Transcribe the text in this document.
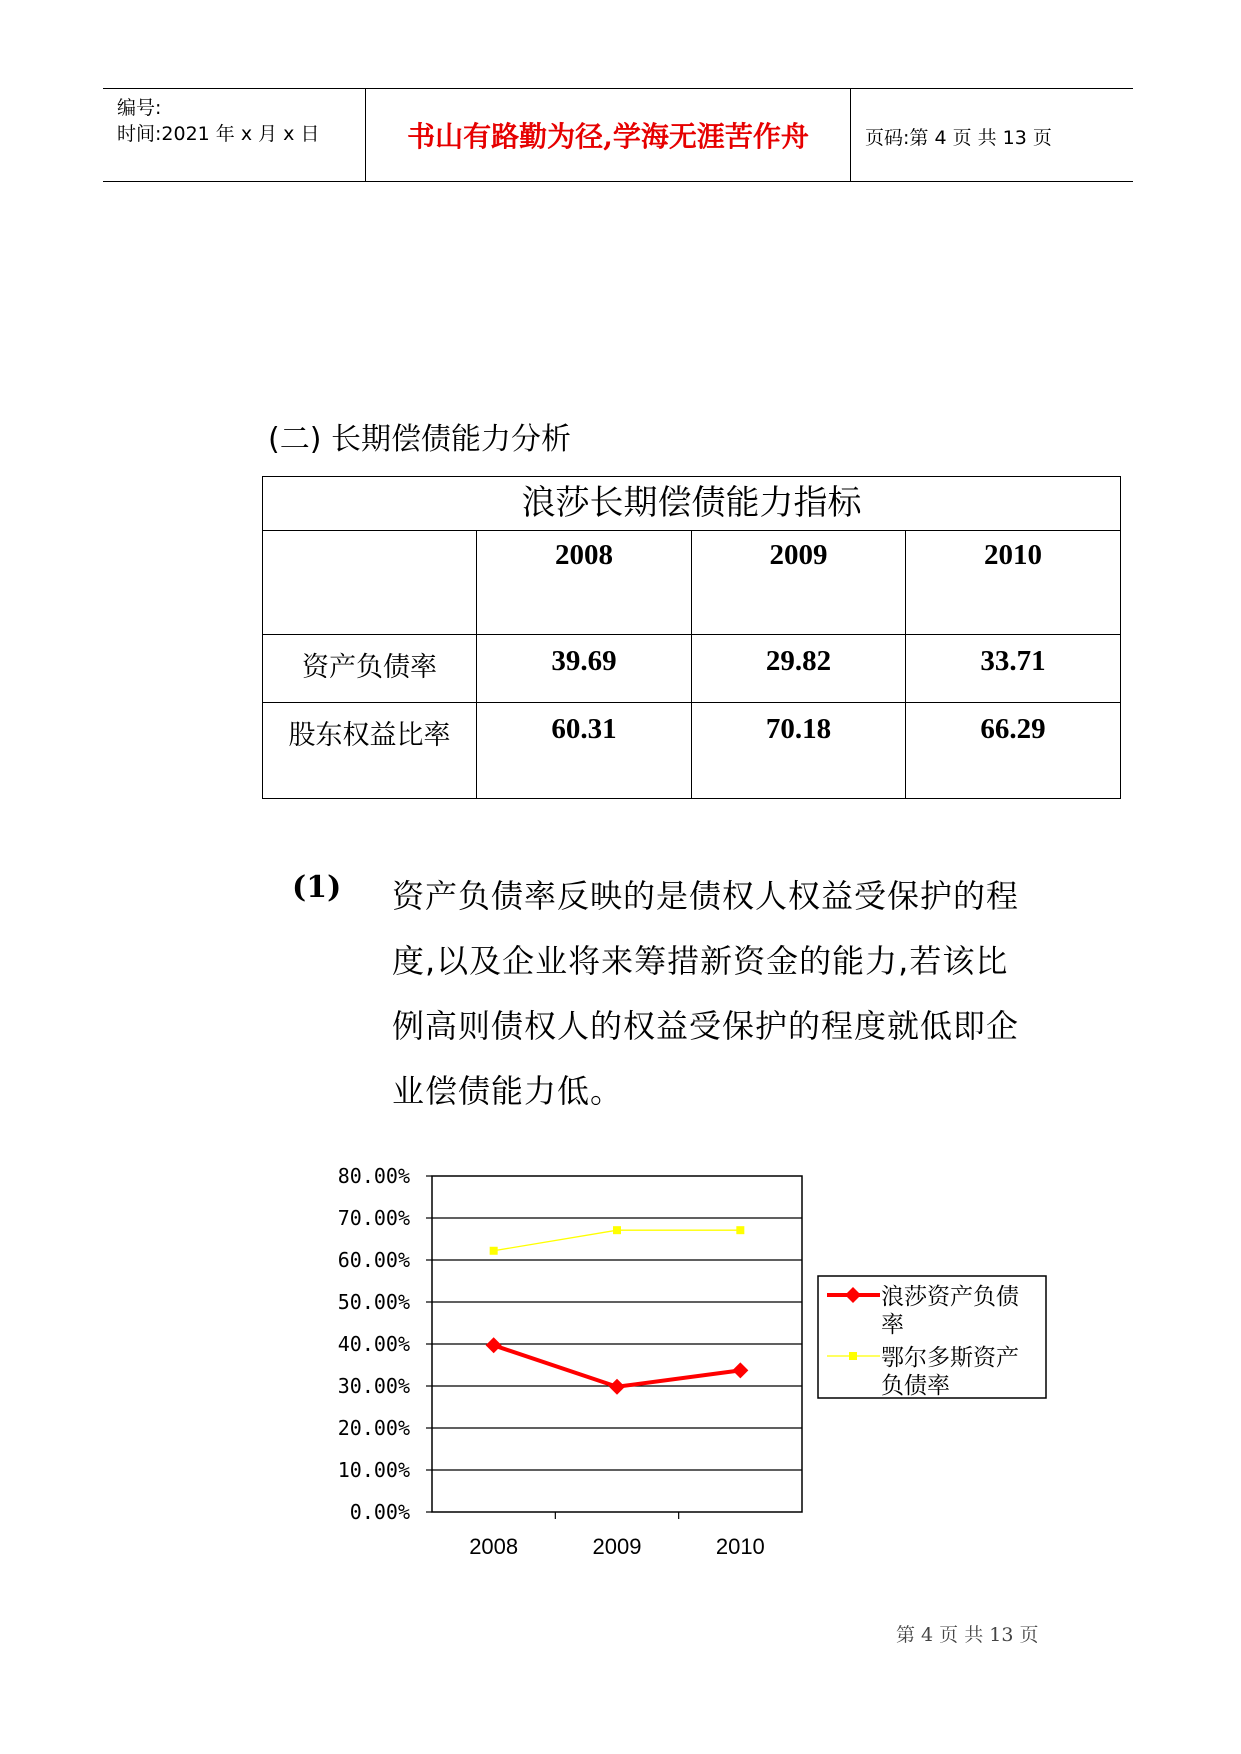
编号:
时间:2021 年 x 月 x 日	书山有路勤为径,学海无涯苦作舟	页码:第 4 页 共 13 页
(二) 长期偿债能力分析
浪莎长期偿债能力指标			
	2008	2009	2010
资产负债率	39.69	29.82	33.71
股东权益比率	60.31	70.18	66.29
(1) 资产负债率反映的是债权人权益受保护的程
度,以及企业将来筹措新资金的能力,若该比
例高则债权人的权益受保护的程度就低即企
业偿债能力低。
80.00%
70.00%
60.00%
50.00%
40.00%
30.00%
20.00%
10.00%
0.00%
2008	2009	2010
浪莎资产负债
率
鄂尔多斯资产
负债率
第 4 页 共 13 页
